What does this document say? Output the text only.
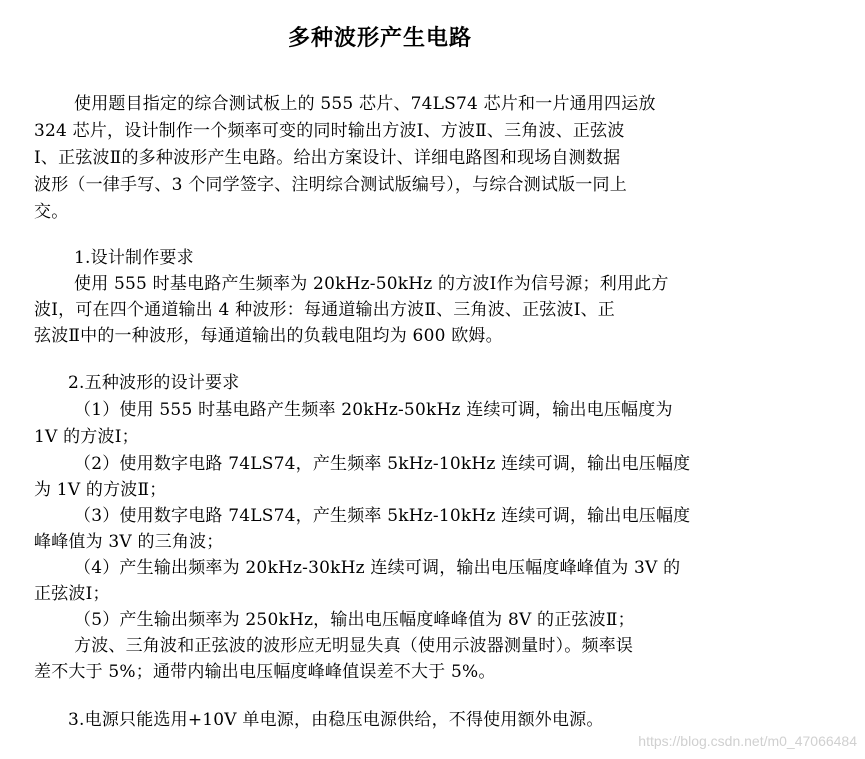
多种波形产生电路
使用题目指定的综合测试板上的 555 芯片、74LS74 芯片和一片通用四运放
324 芯片，设计制作一个频率可变的同时输出方波Ⅰ、方波Ⅱ、三角波、正弦波
Ⅰ、正弦波Ⅱ的多种波形产生电路。给出方案设计、详细电路图和现场自测数据
波形（一律手写、3 个同学签字、注明综合测试版编号），与综合测试版一同上
交。
1.设计制作要求
使用 555 时基电路产生频率为 20kHz-50kHz 的方波Ⅰ作为信号源；利用此方
波Ⅰ，可在四个通道输出 4 种波形：每通道输出方波Ⅱ、三角波、正弦波Ⅰ、正
弦波Ⅱ中的一种波形，每通道输出的负载电阻均为 600 欧姆。
2.五种波形的设计要求
（1）使用 555 时基电路产生频率 20kHz-50kHz 连续可调，输出电压幅度为
1V 的方波Ⅰ；
（2）使用数字电路 74LS74，产生频率 5kHz-10kHz 连续可调，输出电压幅度
为 1V 的方波Ⅱ；
（3）使用数字电路 74LS74，产生频率 5kHz-10kHz 连续可调，输出电压幅度
峰峰值为 3V 的三角波；
（4）产生输出频率为 20kHz-30kHz 连续可调，输出电压幅度峰峰值为 3V 的
正弦波Ⅰ；
（5）产生输出频率为 250kHz，输出电压幅度峰峰值为 8V 的正弦波Ⅱ；
方波、三角波和正弦波的波形应无明显失真（使用示波器测量时）。频率误
差不大于 5%；通带内输出电压幅度峰峰值误差不大于 5%。
3.电源只能选用+10V 单电源，由稳压电源供给，不得使用额外电源。
https://blog.csdn.net/m0_47066484
